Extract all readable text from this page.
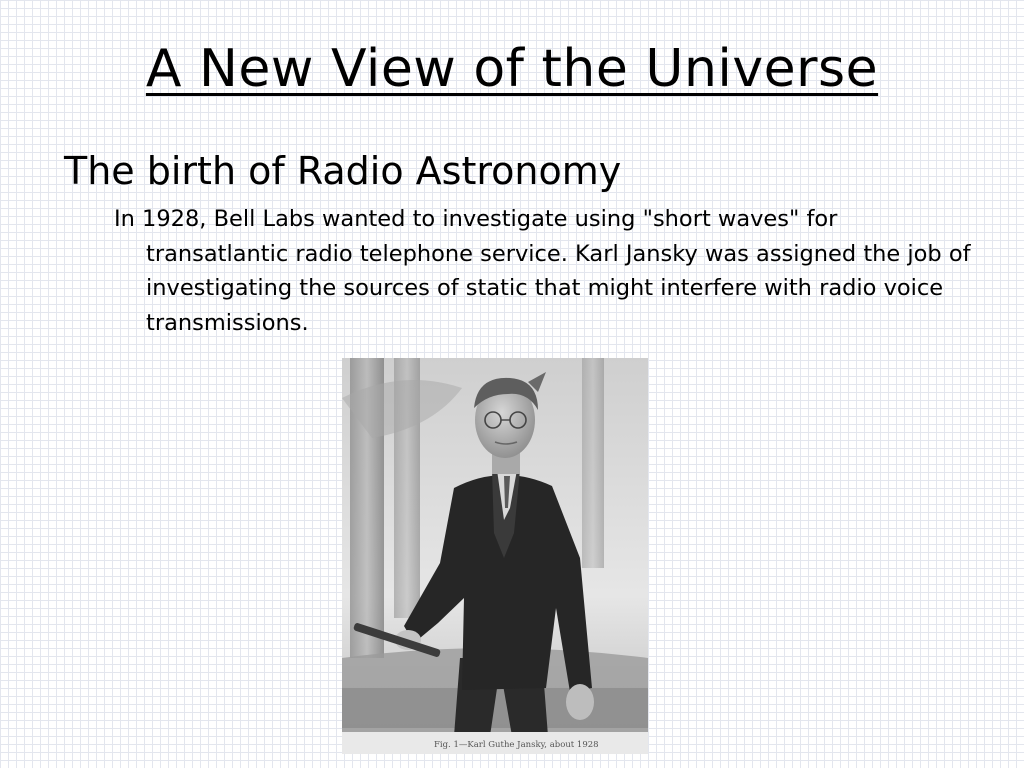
A New View of the Universe
The birth of Radio Astronomy

In 1928, Bell Labs wanted to investigate using "short waves" for transatlantic radio telephone service. Karl Jansky was assigned the job of investigating the sources of static that might interfere with radio voice transmissions.

Fig. 1—Karl Guthe Jansky, about 1928
